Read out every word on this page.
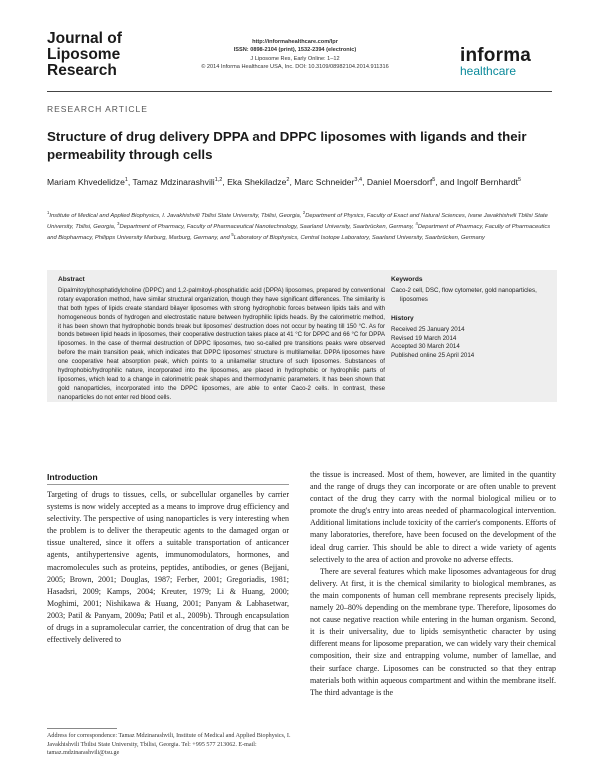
Journal of Liposome Research
http://informahealthcare.com/lpr
ISSN: 0898-2104 (print), 1532-2394 (electronic)
J Liposome Res, Early Online: 1–12
© 2014 Informa Healthcare USA, Inc. DOI: 10.3109/08982104.2014.911316
informa
healthcare
RESEARCH ARTICLE
Structure of drug delivery DPPA and DPPC liposomes with ligands and their permeability through cells
Mariam Khvedelidze$^1$, Tamaz Mdzinarashvili$^{1,2}$, Eka Shekiladze$^2$, Marc Schneider$^{3,4}$, Daniel Moersdorf$^5$, and Ingolf Bernhardt$^5$
$^1$Institute of Medical and Applied Biophysics, I. Javakhishvili Tbilisi State University, Tbilisi, Georgia, $^2$Department of Physics, Faculty of Exact and Natural Sciences, Ivane Javakhishvili Tbilisi State University, Tbilisi, Georgia, $^3$Department of Pharmacy, Faculty of Pharmaceutical Nanotechnology, Saarland University, Saarbrücken, Germany, $^4$Department of Pharmacy, Faculty of Pharmaceutics and Biopharmacy, Philipps University Marburg, Marburg, Germany, and $^5$Laboratory of Biophysics, Central Isotope Laboratory, Saarland University, Saarbrücken, Germany
Abstract
Dipalmitoylphosphatidylcholine (DPPC) and 1,2-palmitoyl-phosphatidic acid (DPPA) liposomes, prepared by conventional rotary evaporation method, have similar structural organization, though they have significant differences. The similarity is that both types of lipids create standard bilayer liposomes with strong hydrophobic forces between lipids tails and with homogeneous bonds of hydrogen and electrostatic nature between hydrophilic lipids heads. By the calorimetric method, it has been shown that hydrophobic bonds break but liposomes' destruction does not occur by heating till 150 °C. As for bonds between lipid heads in liposomes, their cooperative destruction takes place at 41 °C for DPPC and 66 °C for DPPA liposomes. In the case of thermal destruction of DPPC liposomes, two so-called pre transitions peaks were observed before the main transition peak, which indicates that DPPC liposomes' structure is multilamellar. DPPA liposomes have one cooperative heat absorption peak, which points to a unilamellar structure of such liposomes. Substances of hydrophobic/hydrophilic nature, incorporated into the liposomes, are placed in hydrophobic or hydrophilic parts of liposomes, which lead to a change in calorimetric peak shapes and thermodynamic parameters. It has been shown that gold nanoparticles, incorporated into the DPPC liposomes, are able to enter Caco-2 cells. In contrast, these nanoparticles do not enter red blood cells.
Keywords
Caco-2 cell, DSC, flow cytometer, gold nanoparticles, liposomes
History
Received 25 January 2014
Revised 19 March 2014
Accepted 30 March 2014
Published online 25 April 2014
Introduction

Targeting of drugs to tissues, cells, or subcellular organelles by carrier systems is now widely accepted as a means to improve drug efficiency and selectivity. The perspective of using nanoparticles is very interesting when the problem is to deliver the therapeutic agents to the damaged organ or tissue unaltered, since it offers a suitable transportation of anticancer agents, antihypertensive agents, immunomodulators, hormones, and macromolecules such as proteins, peptides, antibodies, or genes (Bejjani, 2005; Brown, 2001; Douglas, 1987; Ferber, 2001; Gregoriadis, 1981; Hasadsri, 2009; Kamps, 2004; Kreuter, 1979; Li & Huang, 2000; Moghimi, 2001; Nishikawa & Huang, 2001; Panyam & Labhasetwar, 2003; Patil & Panyam, 2009a; Patil et al., 2009b). Through encapsulation of drugs in a supramolecular carrier, the concentration of drug that can be effectively delivered to

the tissue is increased. Most of them, however, are limited in the quantity and the range of drugs they can incorporate or are often unable to prevent contact of the drug they carry with the normal biological milieu or to promote the drug's entry into areas needed of pharmacological intervention. Additional limitations include toxicity of the carrier's components. Efforts of many laboratories, therefore, have been focused on the development of the ideal drug carrier. This should be able to direct a wide variety of agents selectively to the area of action and provoke no adverse effects.

There are several features which make liposomes advantageous for drug delivery. At first, it is the chemical similarity to biological membranes, as the main components of human cell membrane represents precisely lipids, namely 20–80% depending on the membrane type. Therefore, liposomes do not cause negative reaction while entering in the human organism. Second, it is their universality, due to lipids semisynthetic character by using different means for liposome preparation, we can widely vary their chemical composition, their size and entrapping volume, number of lamellae, and their surface charge. Liposomes can be constructed so that they entrap materials both within aqueous compartment and within the membrane itself. The third advantage is the

Address for correspondence: Tamaz Mdzinarashvili, Institute of Medical and Applied Biophysics, I. Javakhishvili Tbilisi State University, Tbilisi, Georgia. Tel: +995 577 213062. E-mail: tamaz.mdzinarashvili@tsu.ge
